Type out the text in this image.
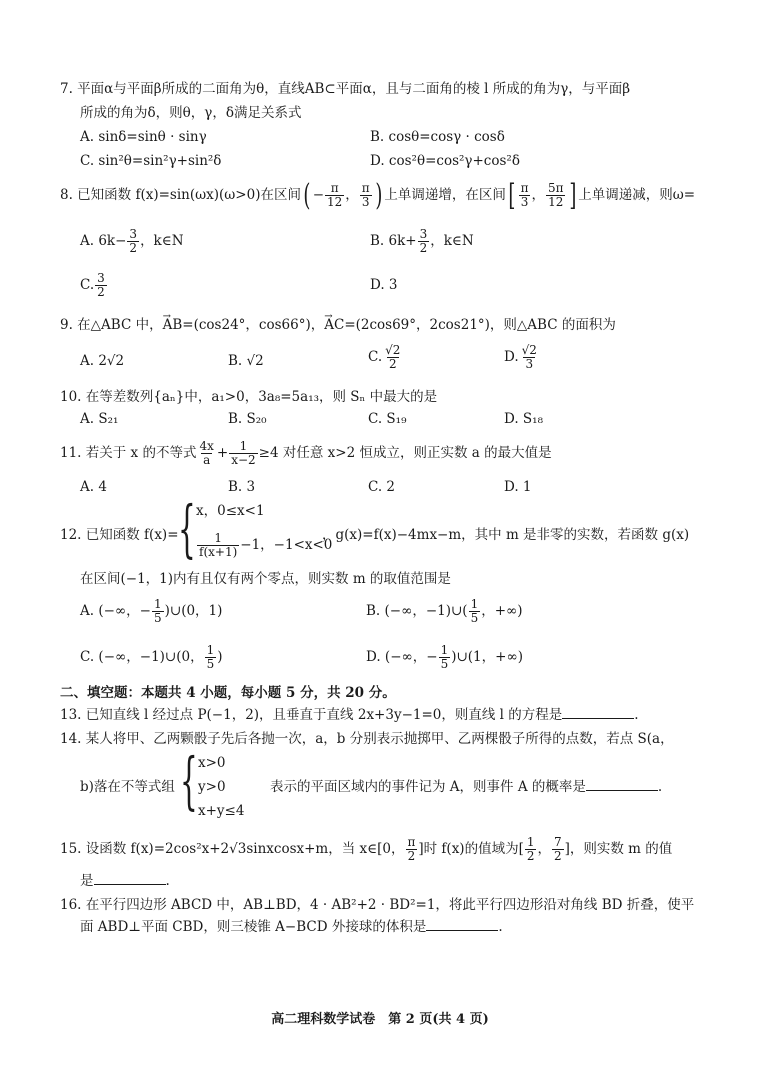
7. 平面α与平面β所成的二面角为θ，直线AB⊂平面α，且与二面角的棱 l 所成的角为γ，与平面β
所成的角为δ，则θ，γ，δ满足关系式
A. sinδ=sinθ · sinγ	B. cosθ=cosγ · cosδ
C. sin²θ=sin²γ+sin²δ	D. cos²θ=cos²γ+cos²δ
8. 已知函数 f(x)=sin(ωx)(ω>0)在区间( − $\frac{\pi}{12}$ ， $\frac{\pi}{3}$ ) 上单调递增，在区间[ $\frac{\pi}{3}$ ， $\frac{5\pi}{12}$ ] 上单调递减，则ω=
A. $6k- \frac{3}{2}$ ，k∈N	B. $6k+ \frac{3}{2}$ ，k∈N
C. $\frac{3}{2}$	D. 3
9. 在△ABC 中，→ AB=(cos24°，cos66°)，→ AC=(2cos69°，2cos21°)，则△ABC 的面积为
A. 2√2	B. √2	C. $\frac{√2}{2}$	D. $\frac{√2}{3}$
10. 在等差数列{aₙ}中，a₁>0，3a₈=5a₁₃，则 Sₙ 中最大的是
A. S₂₁	B. S₂₀	C. S₁₉	D. S₁₈
11. 若关于 x 的不等式 $\frac{4x}{a} + \frac{1}{x-2} \ge 4$ 对任意 x>2 恒成立，则正实数 a 的最大值是
A. 4	B. 3	C. 2	D. 1
12. 已知函数 f(x)= { x，0≤x<1
$\frac{1}{f(x+1)} -1$，−1<x<0
，g(x)=f(x)−4mx−m，其中 m 是非零的实数，若函数 g(x)
在区间(−1，1)内有且仅有两个零点，则实数 m 的取值范围是
A. (−∞，− $\frac{1}{5}$ )∪(0，1)	B. (−∞，−1)∪( $\frac{1}{5}$ ，+∞)
C. (−∞，−1)∪(0， $\frac{1}{5}$ )	D. (−∞，− $\frac{1}{5}$ )∪(1，+∞)
二、填空题：本题共 4 小题，每小题 5 分，共 20 分。
13. 已知直线 l 经过点 P(−1，2)，且垂直于直线 2x+3y−1=0，则直线 l 的方程是	.
14. 某人将甲、乙两颗骰子先后各抛一次，a，b 分别表示抛掷甲、乙两棵骰子所得的点数，若点 S(a，
b)落在不等式组 { x>0
y>0
x+y≤4
表示的平面区域内的事件记为 A，则事件 A 的概率是	.
15. 设函数 f(x)=2cos²x+2√3sinxcosx+m，当 x∈[0， $\frac{\pi}{2}$ ]时 f(x)的值域为[ $\frac{1}{2}$ ， $\frac{7}{2}$ ]，则实数 m 的值
是	.
16. 在平行四边形 ABCD 中，AB⊥BD，4 · AB²+2 · BD²=1，将此平行四边形沿对角线 BD 折叠，使平
面 ABD⊥平面 CBD，则三棱锥 A−BCD 外接球的体积是	.
高二理科数学试卷　第 2 页(共 4 页)
